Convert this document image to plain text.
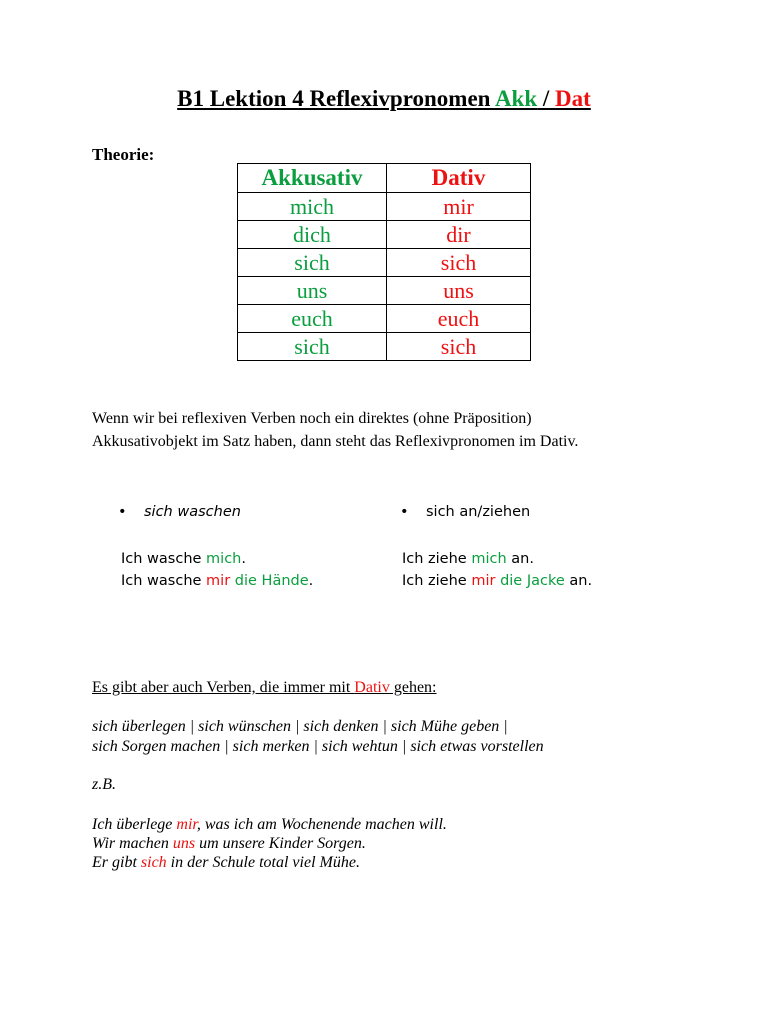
B1 Lektion 4 Reflexivpronomen Akk / Dat
Theorie:
Akkusativ	Dativ
mich	mir
dich	dir
sich	sich
uns	uns
euch	euch
sich	sich
Wenn wir bei reflexiven Verben noch ein direktes (ohne Präposition)
Akkusativobjekt im Satz haben, dann steht das Reflexivpronomen im Dativ.
• sich waschen	• sich an/ziehen
Ich wasche mich.
Ich wasche mir die Hände.
Ich ziehe mich an.
Ich ziehe mir die Jacke an.
Es gibt aber auch Verben, die immer mit Dativ gehen:
sich überlegen | sich wünschen | sich denken | sich Mühe geben |
sich Sorgen machen | sich merken | sich wehtun | sich etwas vorstellen
z.B.
Ich überlege mir, was ich am Wochenende machen will.
Wir machen uns um unsere Kinder Sorgen.
Er gibt sich in der Schule total viel Mühe.
